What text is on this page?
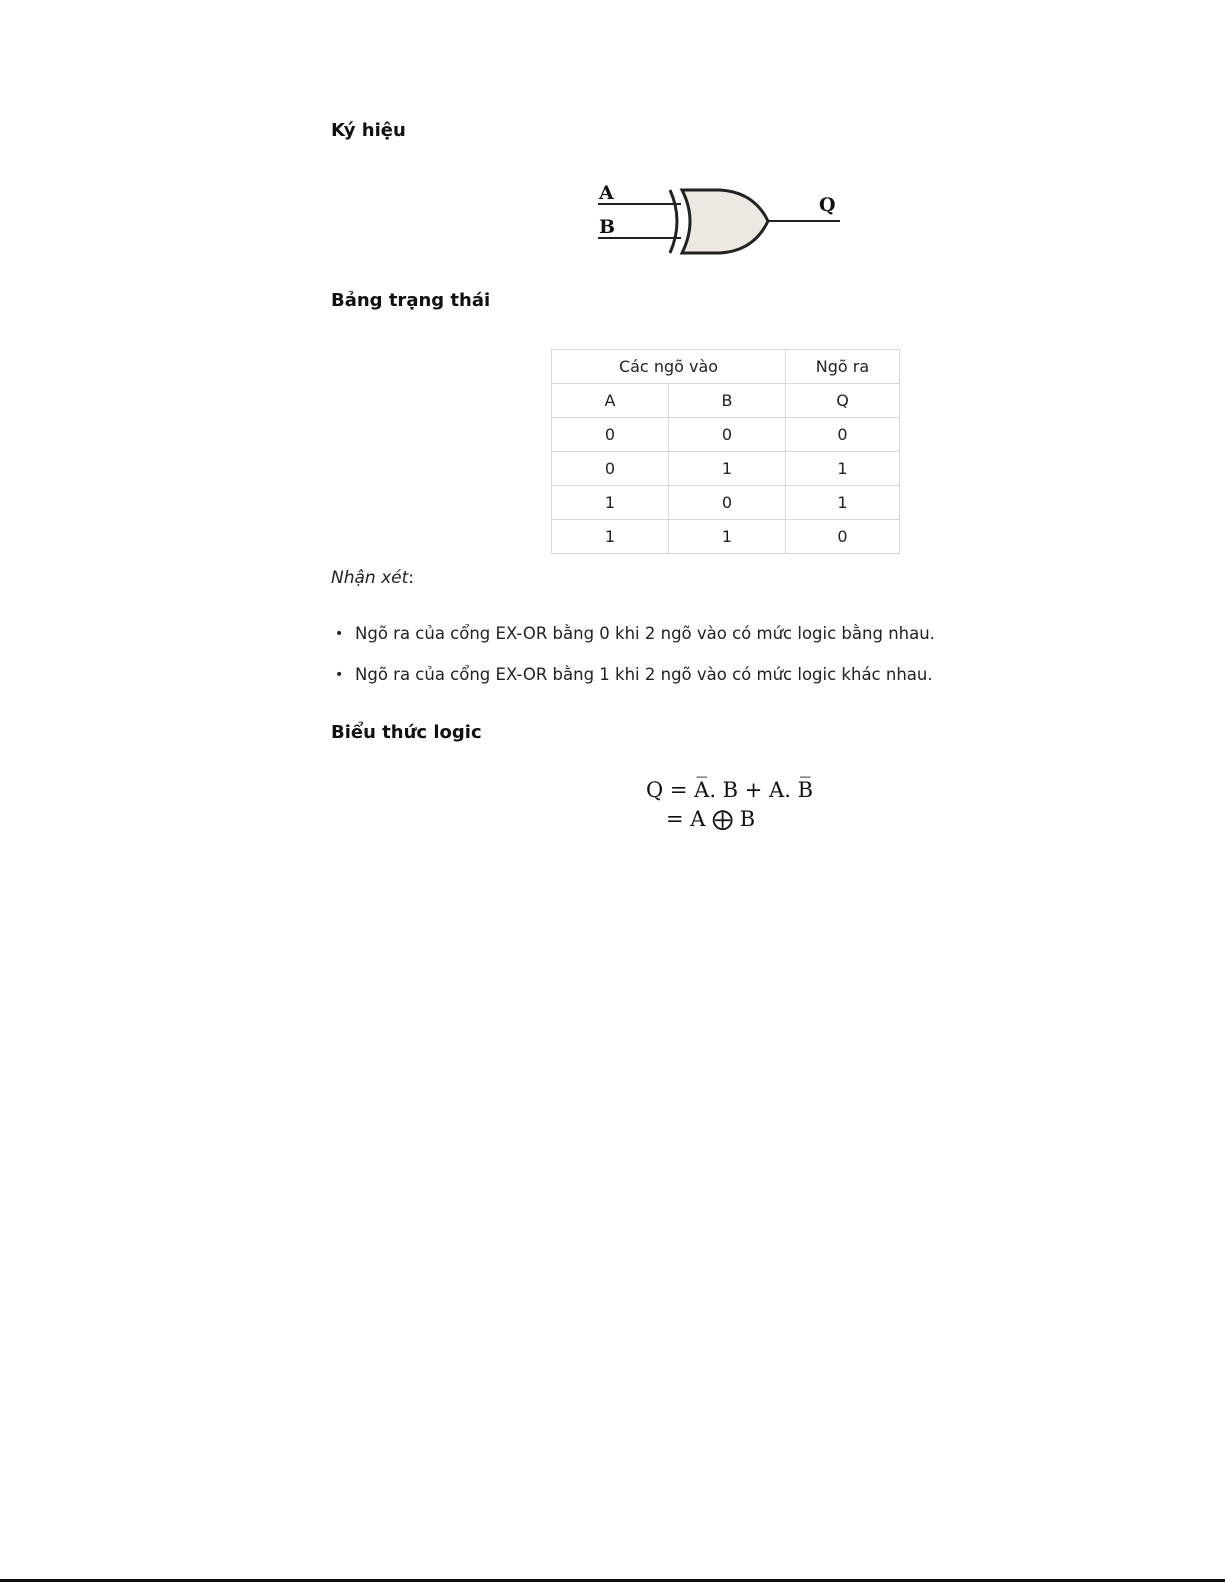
Ký hiệu
A
B
Q
Bảng trạng thái
Các ngõ vào		Ngõ ra
A	B	Q
0	0	0
0	1	1
1	0	1
1	1	0
Nhận xét:
• Ngõ ra của cổng EX-OR bằng 0 khi 2 ngõ vào có mức logic bằng nhau.
• Ngõ ra của cổng EX-OR bằng 1 khi 2 ngõ vào có mức logic khác nhau.
Biểu thức logic
Q = A̅. B + A. B̅
= A ⨁ B
